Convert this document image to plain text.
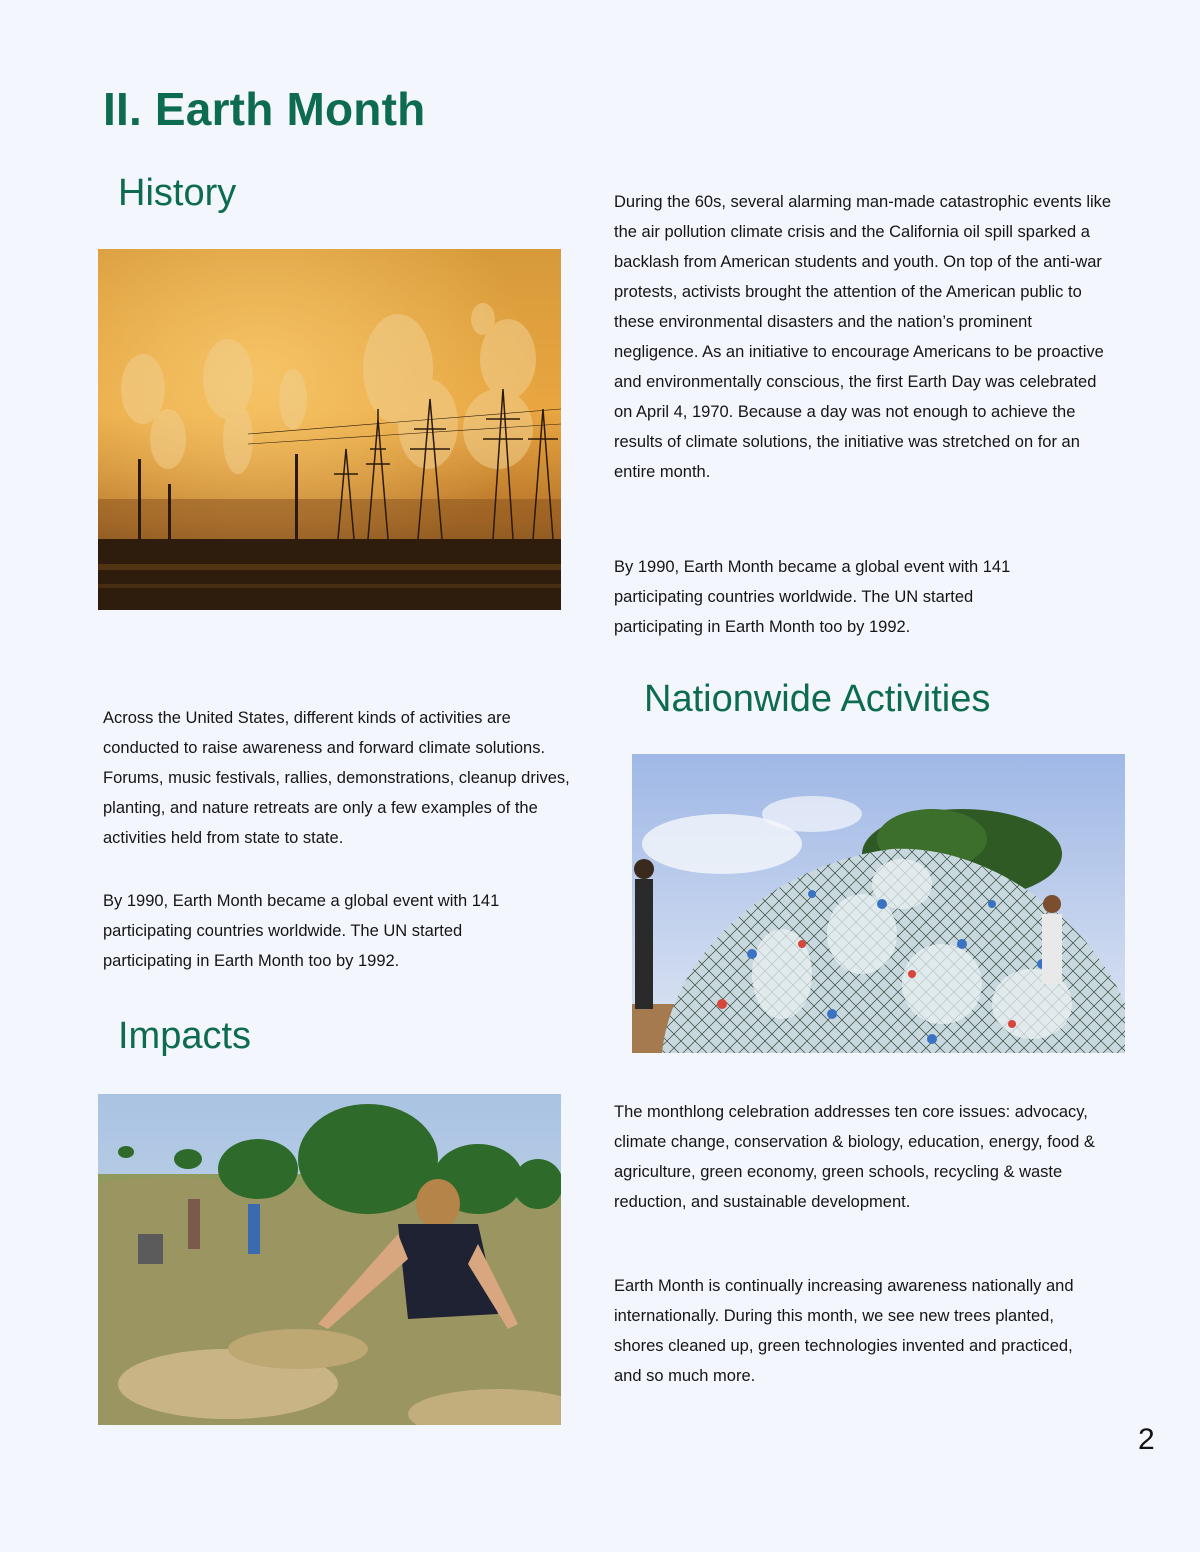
II. Earth Month
History	During the 60s, several alarming man-made catastrophic events like the air pollution climate crisis and the California oil spill sparked a backlash from American students and youth. On top of the anti-war protests, activists brought the attention of the American public to these environmental disasters and the nation’s prominent negligence. As an initiative to encourage Americans to be proactive and environmentally conscious, the first Earth Day was celebrated on April 4, 1970. Because a day was not enough to achieve the results of climate solutions, the initiative was stretched on for an entire month.

By 1990, Earth Month became a global event with 141 participating countries worldwide. The UN started participating in Earth Month too by 1992.

Nationwide Activities

Across the United States, different kinds of activities are conducted to raise awareness and forward climate solutions. Forums, music festivals, rallies, demonstrations, cleanup drives, planting, and nature retreats are only a few examples of the activities held from state to state.

By 1990, Earth Month became a global event with 141 participating countries worldwide. The UN started participating in Earth Month too by 1992.

Impacts

The monthlong celebration addresses ten core issues: advocacy, climate change, conservation & biology, education, energy, food & agriculture, green economy, green schools, recycling & waste reduction, and sustainable development.

Earth Month is continually increasing awareness nationally and internationally. During this month, we see new trees planted, shores cleaned up, green technologies invented and practiced, and so much more.

2
